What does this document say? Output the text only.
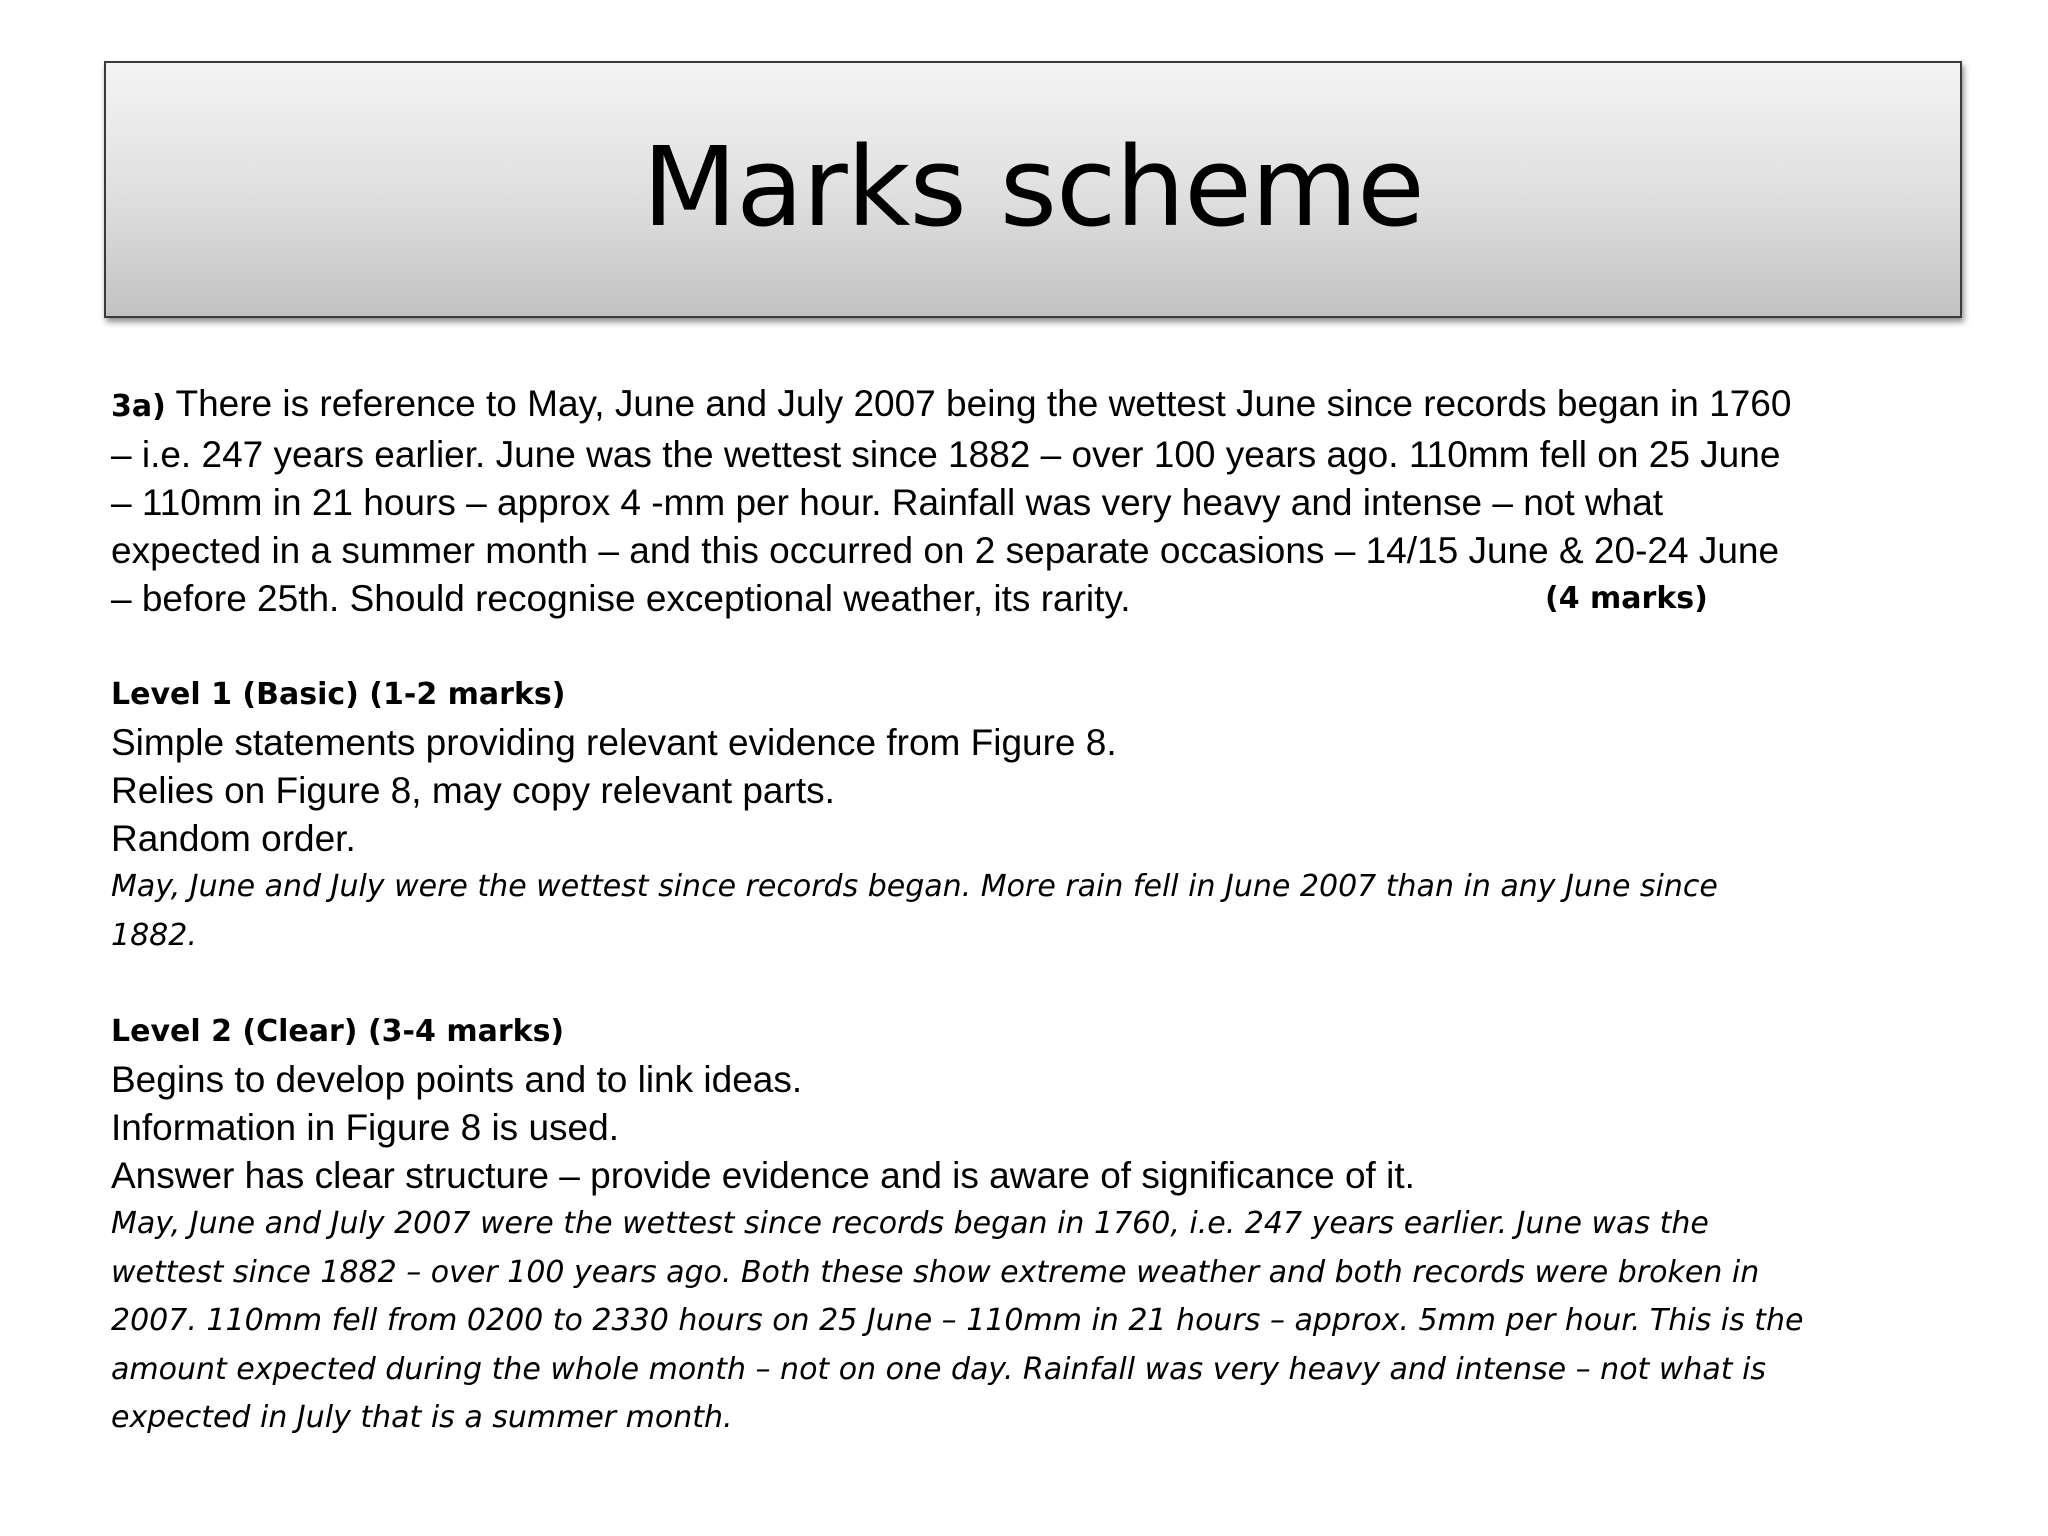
Marks scheme
3a) There is reference to May, June and July 2007 being the wettest June since records began in 1760
– i.e. 247 years earlier. June was the wettest since 1882 – over 100 years ago. 110mm fell on 25 June
– 110mm in 21 hours – approx 4 -mm per hour. Rainfall was very heavy and intense – not what
expected in a summer month – and this occurred on 2 separate occasions – 14/15 June & 20-24 June
– before 25th. Should recognise exceptional weather, its rarity.	(4 marks)
Level 1 (Basic) (1-2 marks)
Simple statements providing relevant evidence from Figure 8.
Relies on Figure 8, may copy relevant parts.
Random order.
May, June and July were the wettest since records began. More rain fell in June 2007 than in any June since
1882.
Level 2 (Clear) (3-4 marks)
Begins to develop points and to link ideas.
Information in Figure 8 is used.
Answer has clear structure – provide evidence and is aware of significance of it.
May, June and July 2007 were the wettest since records began in 1760, i.e. 247 years earlier. June was the
wettest since 1882 – over 100 years ago. Both these show extreme weather and both records were broken in
2007. 110mm fell from 0200 to 2330 hours on 25 June – 110mm in 21 hours – approx. 5mm per hour. This is the
amount expected during the whole month – not on one day. Rainfall was very heavy and intense – not what is
expected in July that is a summer month.
